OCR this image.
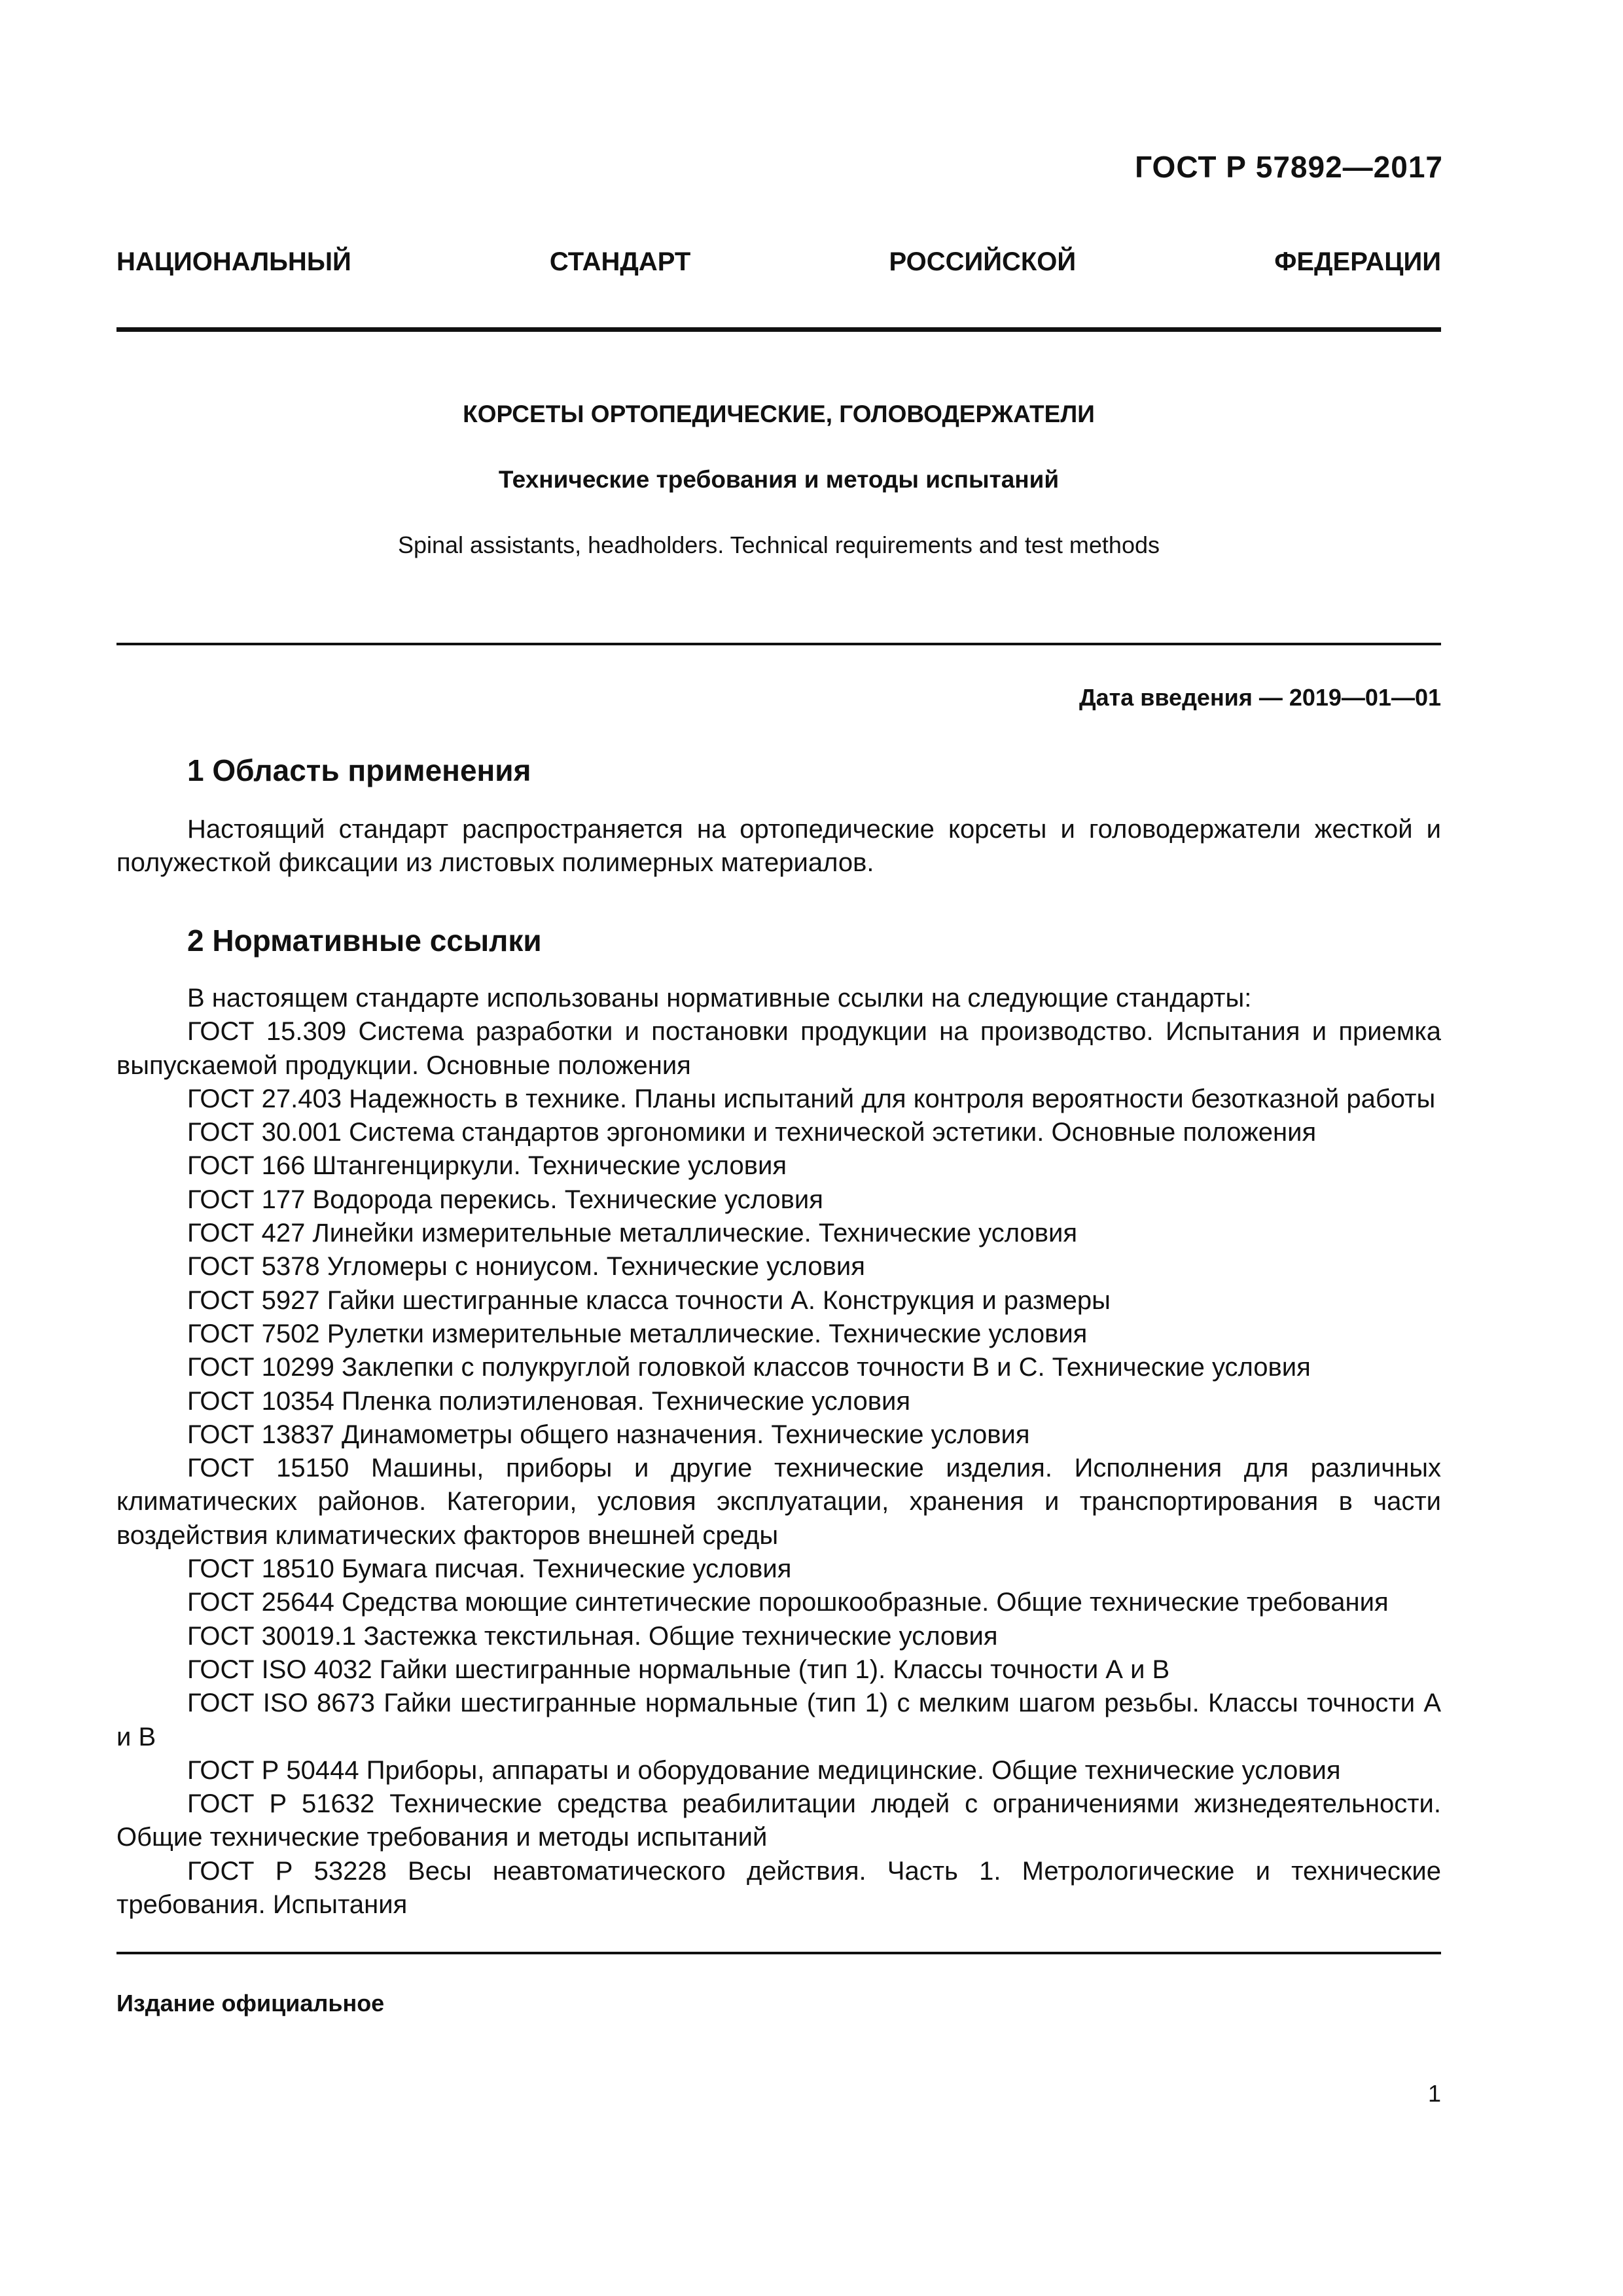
ГОСТ Р 57892—2017
НАЦИОНАЛЬНЫЙ	СТАНДАРТ	РОССИЙСКОЙ	ФЕДЕРАЦИИ
КОРСЕТЫ ОРТОПЕДИЧЕСКИЕ, ГОЛОВОДЕРЖАТЕЛИ
Технические требования и методы испытаний
Spinal assistants, headholders. Technical requirements and test methods
Дата введения — 2019—01—01
1 Область применения

Настоящий стандарт распространяется на ортопедические корсеты и головодержатели жесткой и полужесткой фиксации из листовых полимерных материалов.

2 Нормативные ссылки

В настоящем стандарте использованы нормативные ссылки на следующие стандарты:

ГОСТ 15.309 Система разработки и постановки продукции на производство. Испытания и приемка выпускаемой продукции. Основные положения
ГОСТ 27.403 Надежность в технике. Планы испытаний для контроля вероятности безотказной работы
ГОСТ 30.001 Система стандартов эргономики и технической эстетики. Основные положения
ГОСТ 166 Штангенциркули. Технические условия
ГОСТ 177 Водорода перекись. Технические условия
ГОСТ 427 Линейки измерительные металлические. Технические условия
ГОСТ 5378 Угломеры с нониусом. Технические условия
ГОСТ 5927 Гайки шестигранные класса точности А. Конструкция и размеры
ГОСТ 7502 Рулетки измерительные металлические. Технические условия
ГОСТ 10299 Заклепки с полукруглой головкой классов точности В и С. Технические условия
ГОСТ 10354 Пленка полиэтиленовая. Технические условия
ГОСТ 13837 Динамометры общего назначения. Технические условия
ГОСТ 15150 Машины, приборы и другие технические изделия. Исполнения для различных климатических районов. Категории, условия эксплуатации, хранения и транспортирования в части воздействия климатических факторов внешней среды
ГОСТ 18510 Бумага писчая. Технические условия
ГОСТ 25644 Средства моющие синтетические порошкообразные. Общие технические требования
ГОСТ 30019.1 Застежка текстильная. Общие технические условия
ГОСТ ISO 4032 Гайки шестигранные нормальные (тип 1). Классы точности А и В
ГОСТ ISO 8673 Гайки шестигранные нормальные (тип 1) с мелким шагом резьбы. Классы точности А и В
ГОСТ Р 50444 Приборы, аппараты и оборудование медицинские. Общие технические условия
ГОСТ Р 51632 Технические средства реабилитации людей с ограничениями жизнедеятельности. Общие технические требования и методы испытаний
ГОСТ Р 53228 Весы неавтоматического действия. Часть 1. Метрологические и технические требования. Испытания
Издание официальное
1
